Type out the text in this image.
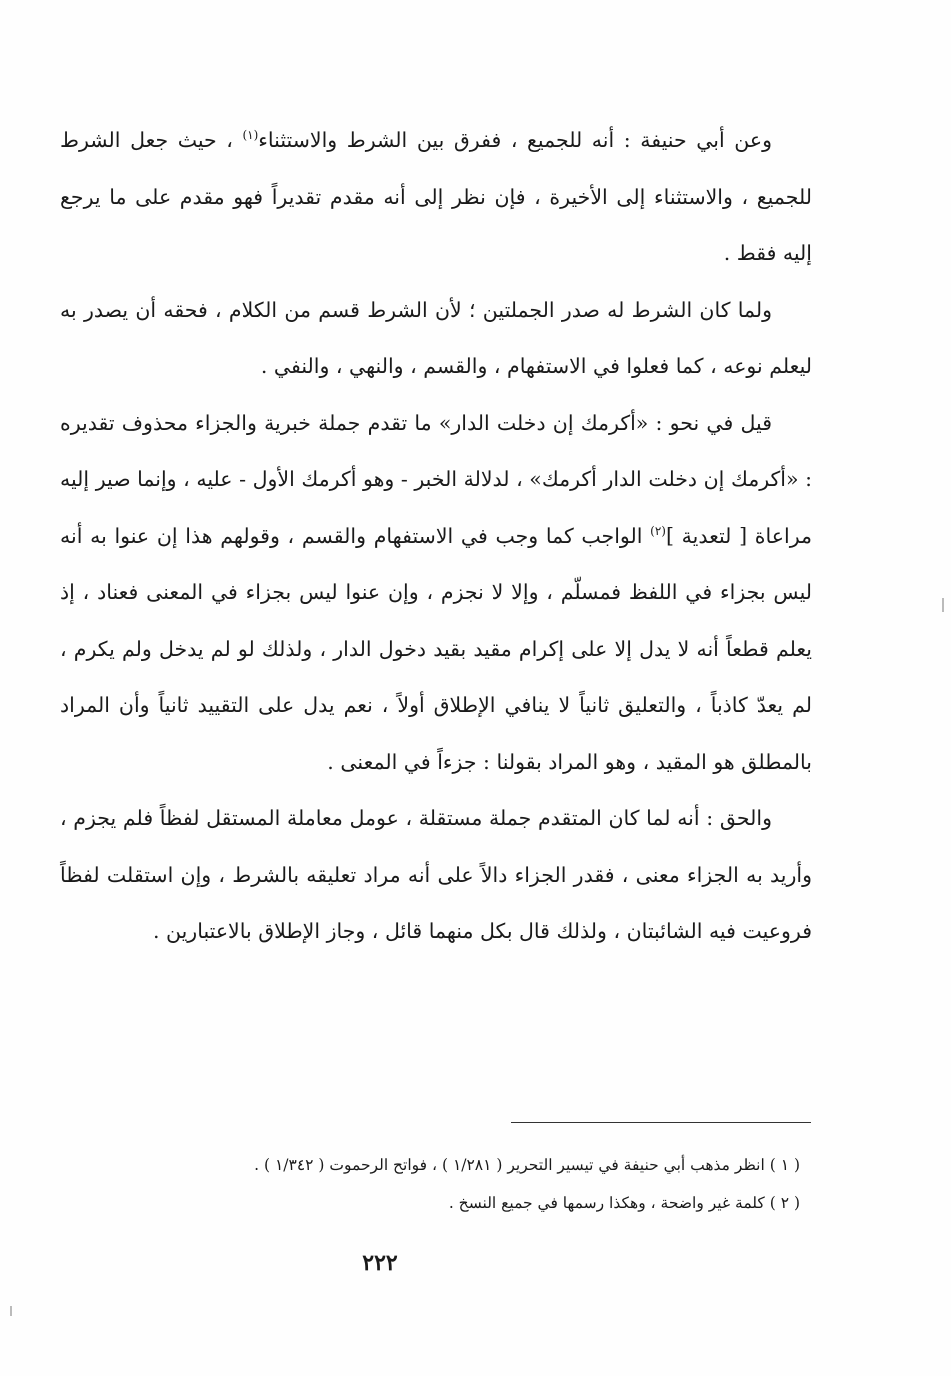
وعن أبي حنيفة : أنه للجميع ، ففرق بين الشرط والاستثناء$^{(١)}$ ، حيث جعل الشرط للجميع ، والاستثناء إلى الأخيرة ، فإن نظر إلى أنه مقدم تقديراً فهو مقدم على ما يرجع إليه فقط .

ولما كان الشرط له صدر الجملتين ؛ لأن الشرط قسم من الكلام ، فحقه أن يصدر به ليعلم نوعه ، كما فعلوا في الاستفهام ، والقسم ، والنهي ، والنفي .

قيل في نحو : «أكرمك إن دخلت الدار» ما تقدم جملة خبرية والجزاء محذوف تقديره : «أكرمك إن دخلت الدار أكرمك» ، لدلالة الخبر - وهو أكرمك الأول - عليه ، وإنما صير إليه مراعاة [ لتعدية ]$^{(٢)}$ الواجب كما وجب في الاستفهام والقسم ، وقولهم هذا إن عنوا به أنه ليس بجزاء في اللفظ فمسلّم ، وإلا لا نجزم ، وإن عنوا ليس بجزاء في المعنى فعناد ، إذ يعلم قطعاً أنه لا يدل إلا على إكرام مقيد بقيد دخول الدار ، ولذلك لو لم يدخل ولم يكرم ، لم يعدّ كاذباً ، والتعليق ثانياً لا ينافي الإطلاق أولاً ، نعم يدل على التقييد ثانياً وأن المراد بالمطلق هو المقيد ، وهو المراد بقولنا : جزءاً في المعنى .

والحق : أنه لما كان المتقدم جملة مستقلة ، عومل معاملة المستقل لفظاً فلم يجزم ، وأريد به الجزاء معنى ، فقدر الجزاء دالاً على أنه مراد تعليقه بالشرط ، وإن استقلت لفظاً فروعيت فيه الشائبتان ، ولذلك قال بكل منهما قائل ، وجاز الإطلاق بالاعتبارين .

( ١ ) انظر مذهب أبي حنيفة في تيسير التحرير ( ١/٢٨١ ) ، فواتح الرحموت ( ١/٣٤٢ ) .

( ٢ ) كلمة غير واضحة ، وهكذا رسمها في جميع النسخ .

٢٢٢
